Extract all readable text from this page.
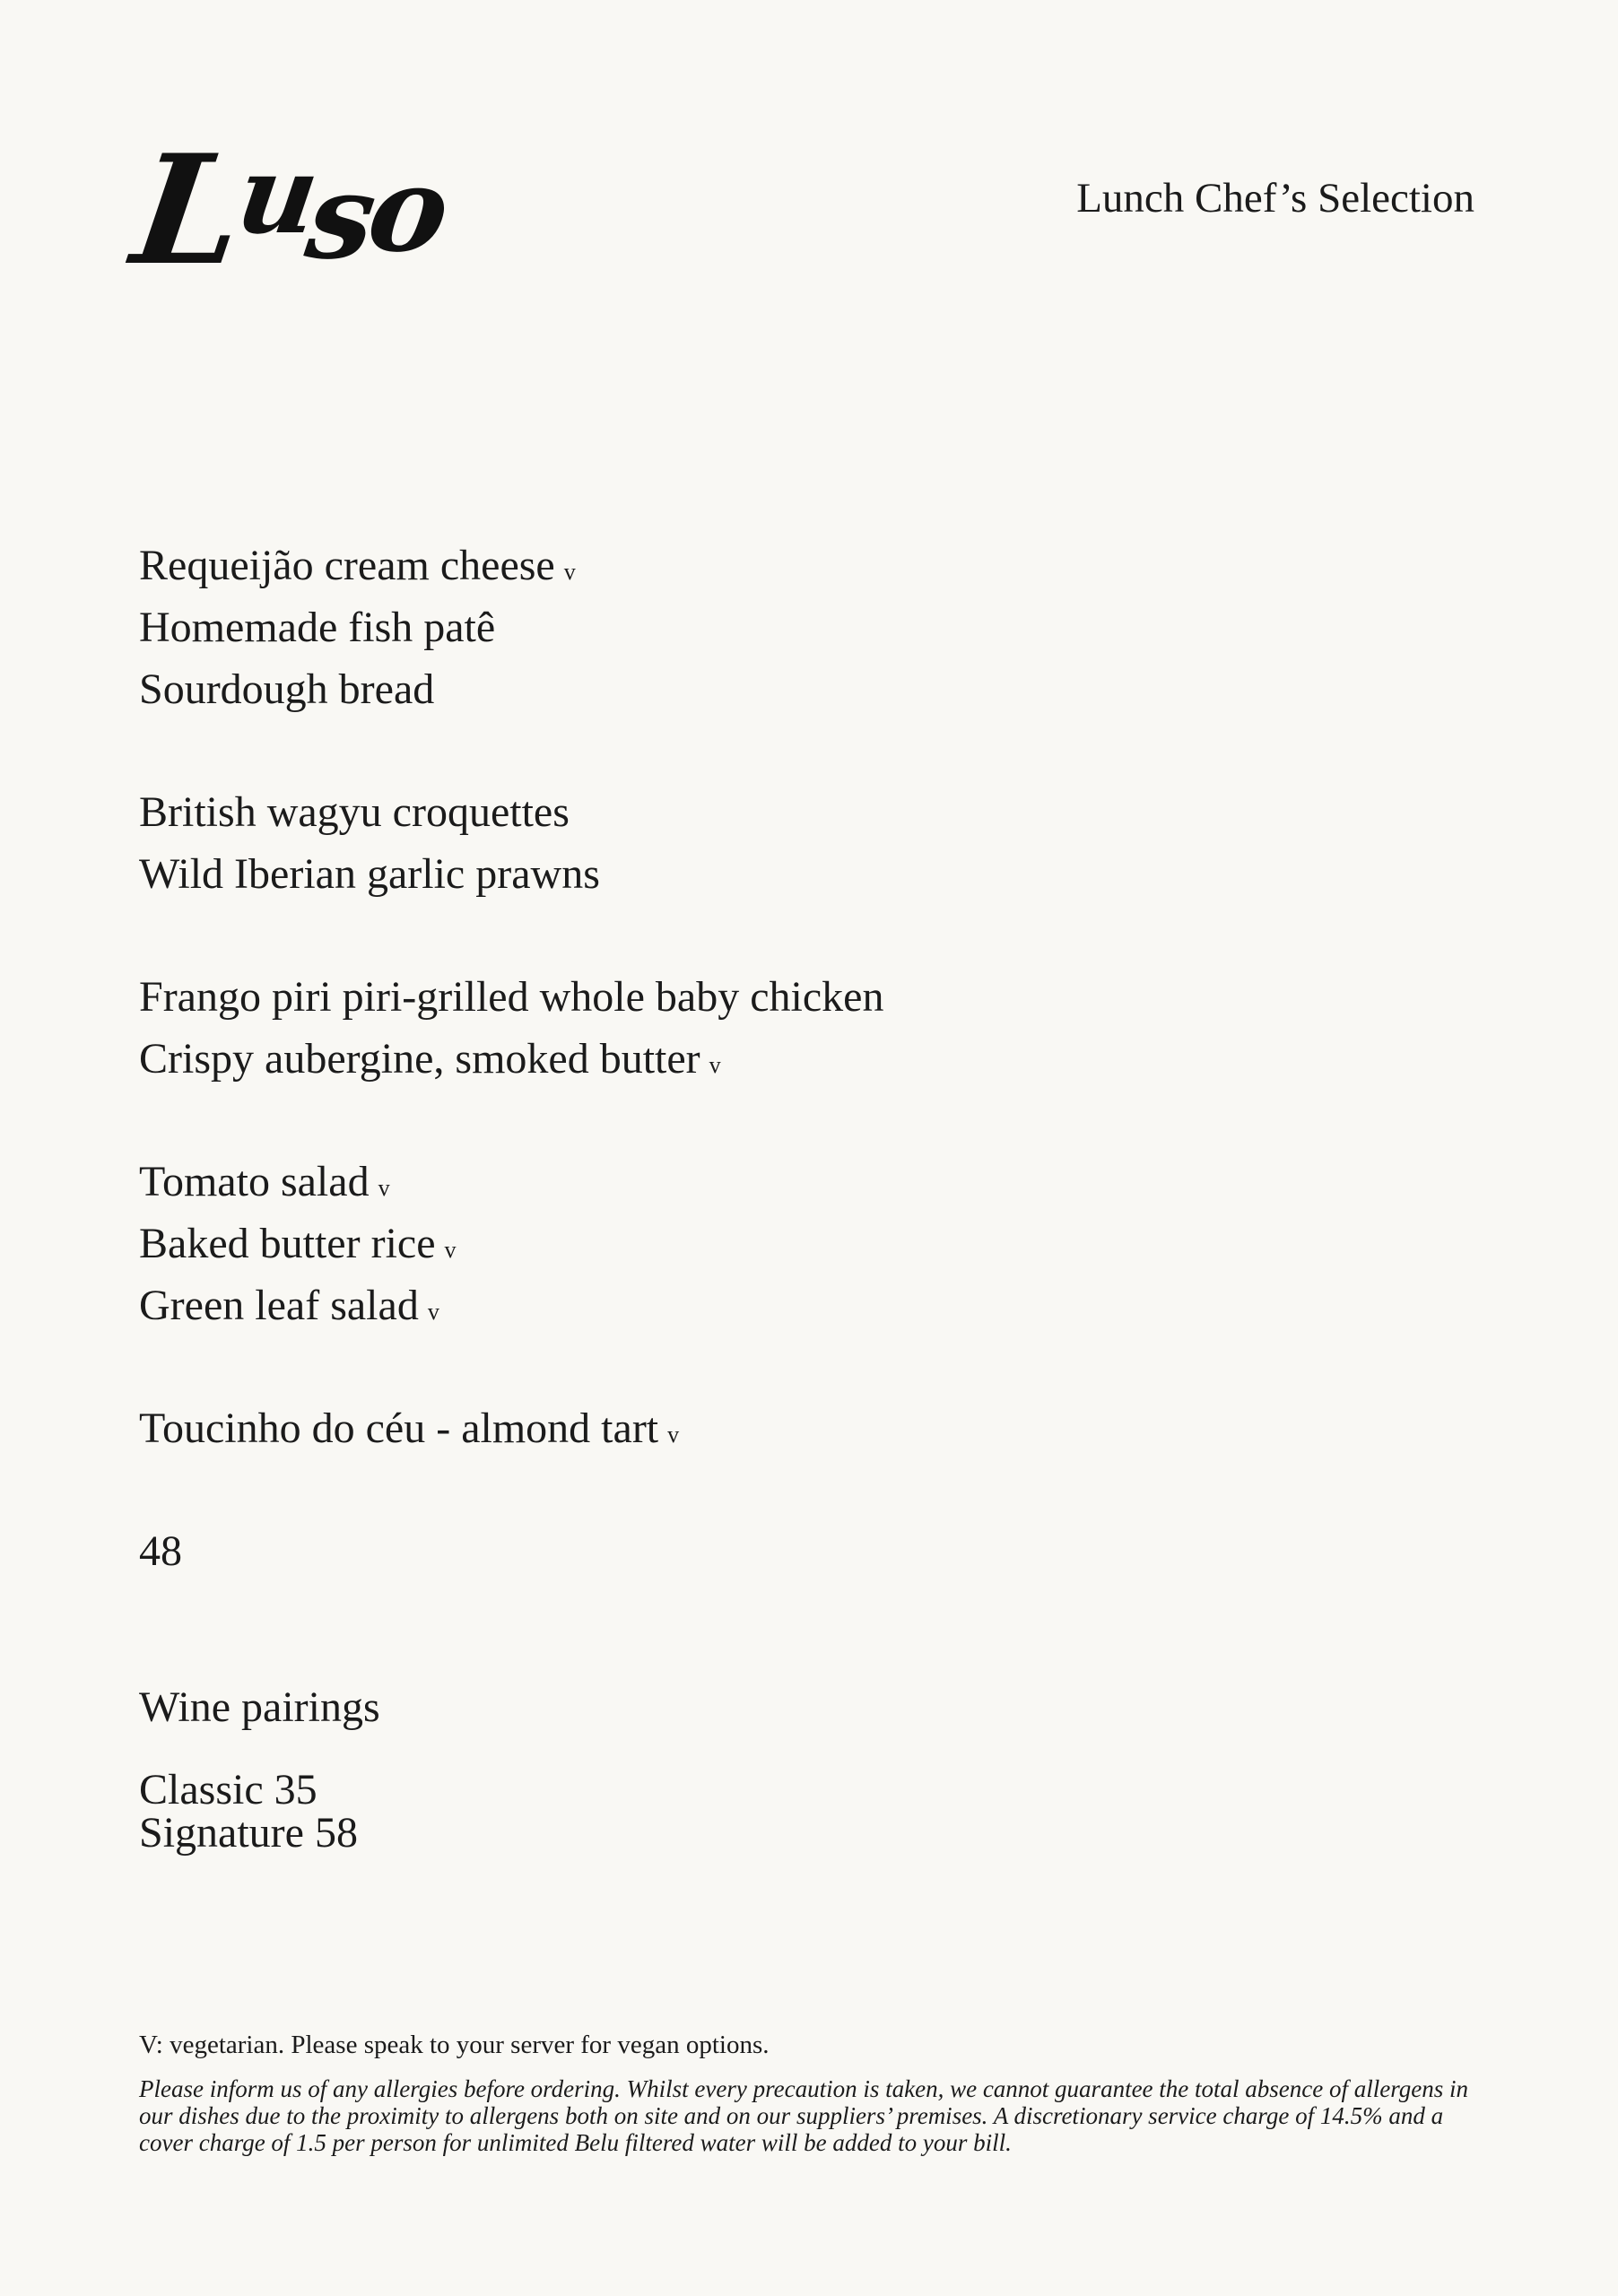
Luso	Lunch Chef’s Selection
Requeijão cream cheese v
Homemade fish patê
Sourdough bread
British wagyu croquettes
Wild Iberian garlic prawns
Frango piri piri-grilled whole baby chicken
Crispy aubergine, smoked butter v
Tomato salad v
Baked butter rice v
Green leaf salad v
Toucinho do céu - almond tart v
48
Wine pairings
Classic 35
Signature 58
V: vegetarian. Please speak to your server for vegan options.
Please inform us of any allergies before ordering. Whilst every precaution is taken, we cannot guarantee the total absence of allergens in our dishes due to the proximity to allergens both on site and on our suppliers’ premises. A discretionary service charge of 14.5% and a cover charge of 1.5 per person for unlimited Belu filtered water will be added to your bill.
